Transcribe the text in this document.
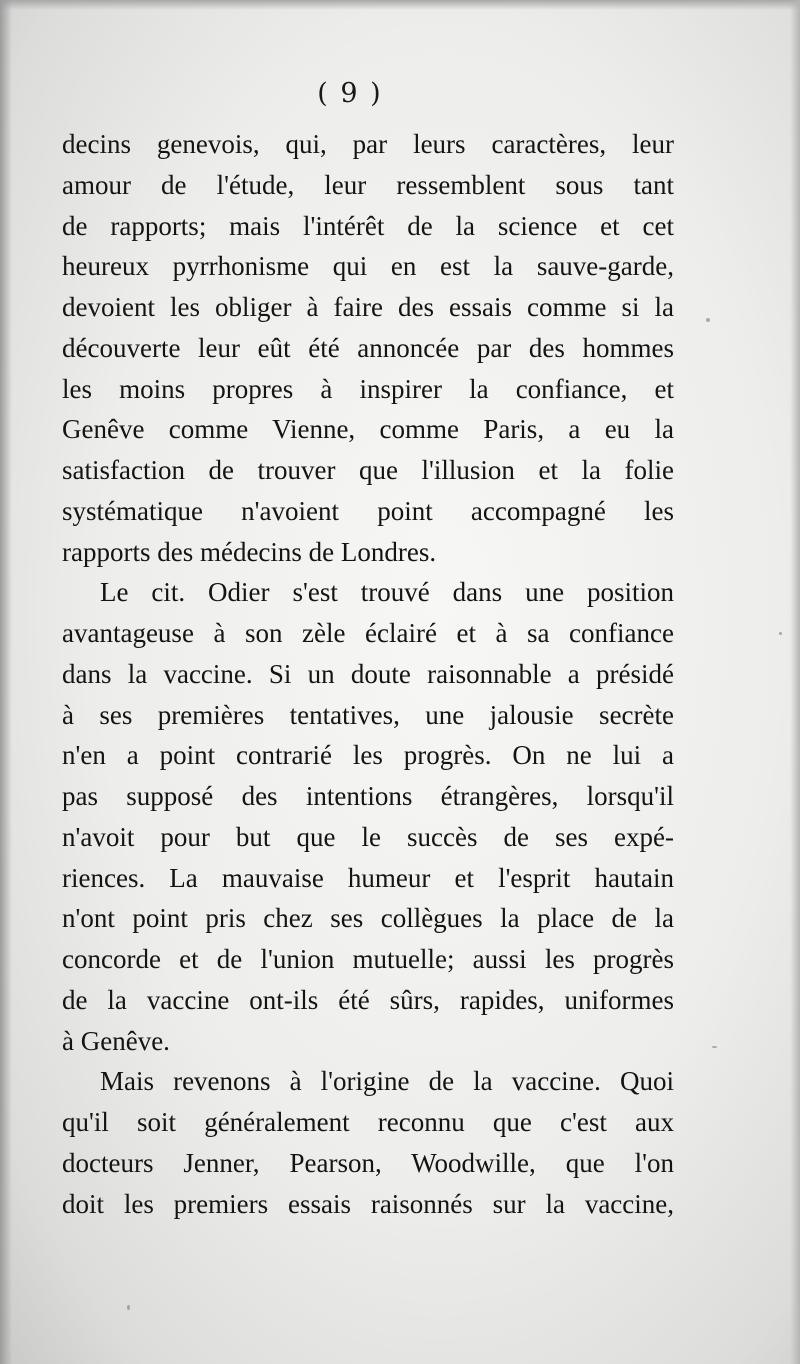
( 9 )
decins genevois, qui, par leurs caractères, leur
amour de l'étude, leur ressemblent sous tant
de rapports; mais l'intérêt de la science et cet
heureux pyrrhonisme qui en est la sauve-garde,
devoient les obliger à faire des essais comme si la
découverte leur eût été annoncée par des hommes
les moins propres à inspirer la confiance, et
Genêve comme Vienne, comme Paris, a eu la
satisfaction de trouver que l'illusion et la folie
systématique n'avoient point accompagné les
rapports des médecins de Londres.
Le cit. Odier s'est trouvé dans une position
avantageuse à son zèle éclairé et à sa confiance
dans la vaccine. Si un doute raisonnable a présidé
à ses premières tentatives, une jalousie secrète
n'en a point contrarié les progrès. On ne lui a
pas supposé des intentions étrangères, lorsqu'il
n'avoit pour but que le succès de ses expé-
riences. La mauvaise humeur et l'esprit hautain
n'ont point pris chez ses collègues la place de la
concorde et de l'union mutuelle; aussi les progrès
de la vaccine ont-ils été sûrs, rapides, uniformes
à Genêve.
Mais revenons à l'origine de la vaccine. Quoi
qu'il soit généralement reconnu que c'est aux
docteurs Jenner, Pearson, Woodwille, que l'on
doit les premiers essais raisonnés sur la vaccine,
